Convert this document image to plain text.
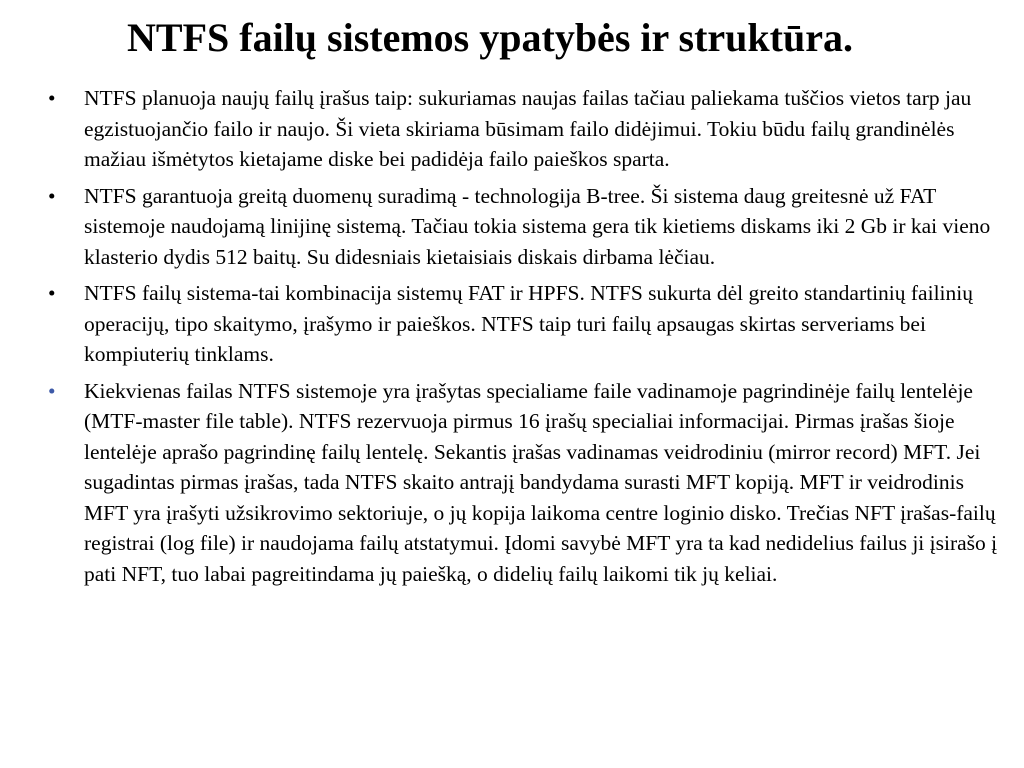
NTFS failų sistemos ypatybės ir struktūra.
•	NTFS planuoja naujų failų įrašus taip: sukuriamas naujas failas tačiau paliekama tuščios vietos tarp jau egzistuojančio failo ir naujo. Ši vieta skiriama būsimam failo didėjimui. Tokiu būdu failų grandinėlės mažiau išmėtytos kietajame diske bei padidėja failo paieškos sparta.
•	NTFS garantuoja greitą duomenų suradimą - technologija B-tree. Ši sistema daug greitesnė už FAT sistemoje naudojamą linijinę sistemą. Tačiau tokia sistema gera tik kietiems diskams iki 2 Gb ir kai vieno klasterio dydis 512 baitų. Su didesniais kietaisiais diskais dirbama lėčiau.
•	NTFS failų sistema-tai kombinacija sistemų FAT ir HPFS. NTFS sukurta dėl greito standartinių failinių operacijų, tipo skaitymo, įrašymo ir paieškos. NTFS taip turi failų apsaugas skirtas serveriams bei kompiuterių tinklams.
•	Kiekvienas failas NTFS sistemoje yra įrašytas specialiame faile vadinamoje pagrindinėje failų lentelėje (MTF-master file table). NTFS rezervuoja pirmus 16 įrašų specialiai informacijai. Pirmas įrašas šioje lentelėje aprašo pagrindinę failų lentelę. Sekantis įrašas vadinamas veidrodiniu (mirror record) MFT. Jei sugadintas pirmas įrašas, tada NTFS skaito antrajį bandydama surasti MFT kopiją. MFT ir veidrodinis MFT yra įrašyti užsikrovimo sektoriuje, o jų kopija laikoma centre loginio disko. Trečias NFT įrašas-failų registrai (log file) ir naudojama failų atstatymui. Įdomi savybė MFT yra ta kad nedidelius failus ji įsirašo į pati NFT, tuo labai pagreitindama jų paiešką, o didelių failų laikomi tik jų keliai.
